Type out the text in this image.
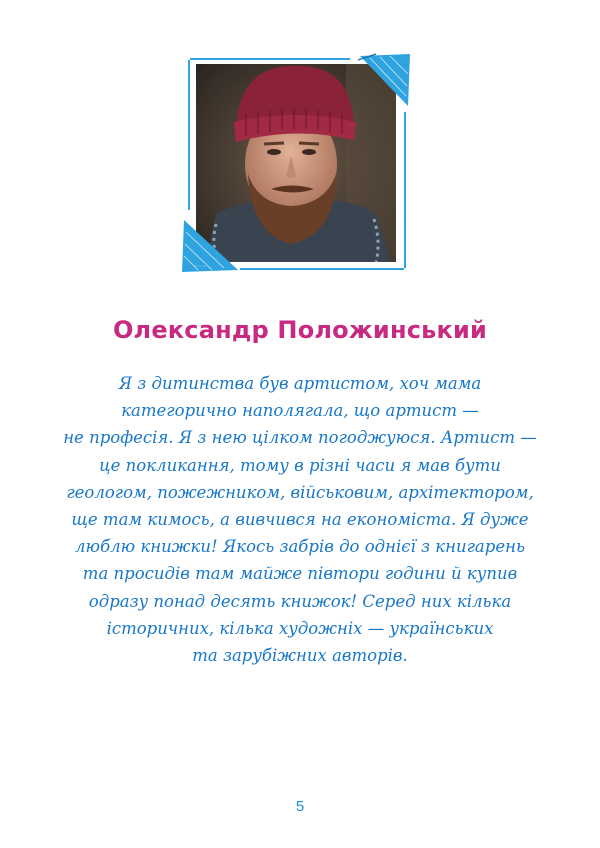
~ ~ ~
Олександр Положинський
Я з дитинства був артистом, хоч мама
категорично наполягала, що артист —
не професія. Я з нею цілком погоджуюся. Артист —
це покликання, тому в різні часи я мав бути
геологом, пожежником, військовим, архітектором,
ще там кимось, а вивчився на економіста. Я дуже
люблю книжки! Якось забрів до однієї з книгарень
та просидів там майже півтори години й купив
одразу понад десять книжок! Серед них кілька
історичних, кілька художніх — українських
та зарубіжних авторів.
5
